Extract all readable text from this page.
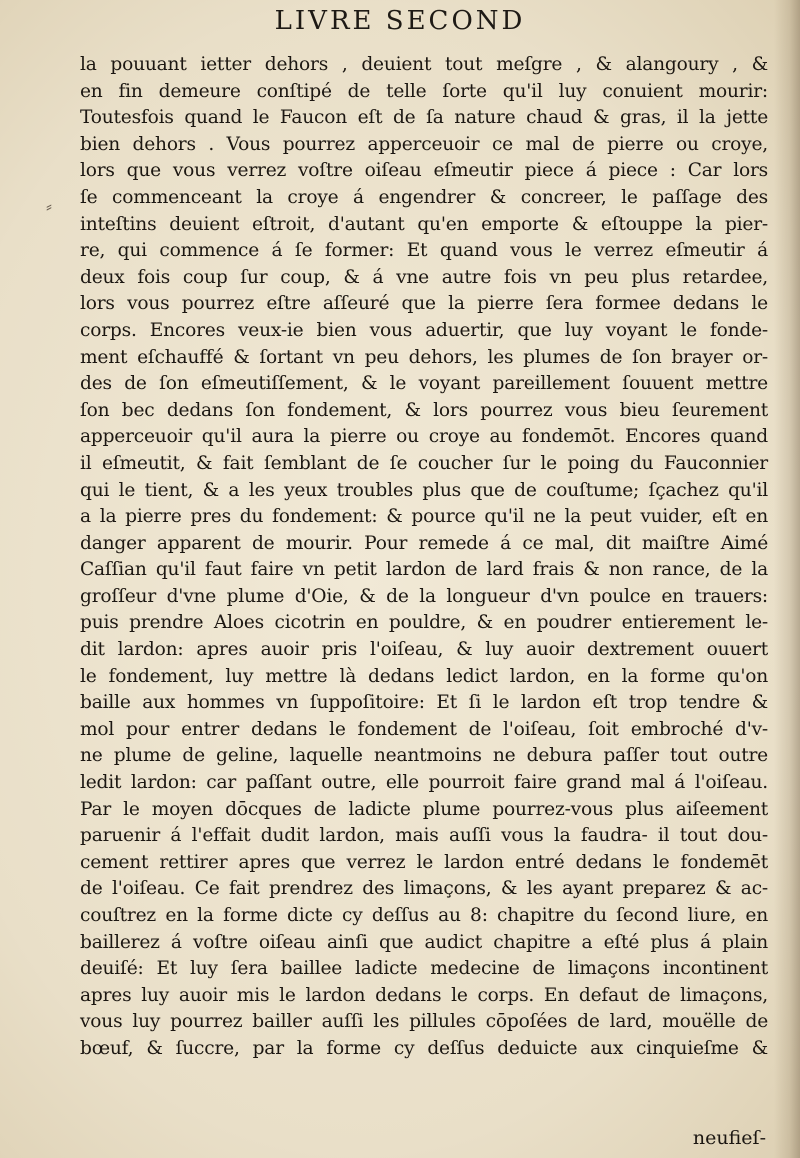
LIVRE SECOND
⸗
la pouuant ietter dehors , deuient tout meſgre , & alangoury , &
en fin demeure conſtipé de telle ſorte qu'il luy conuient mourir:
Toutesfois quand le Faucon eſt de ſa nature chaud & gras, il la jette
bien dehors . Vous pourrez apperceuoir ce mal de pierre ou croye,
lors que vous verrez voſtre oiſeau eſmeutir piece á piece : Car lors
ſe commenceant la croye á engendrer & concreer, le paſſage des
inteſtins deuient eſtroit, d'autant qu'en emporte & eſtouppe la pier-
re, qui commence á ſe former: Et quand vous le verrez eſmeutir á
deux fois coup ſur coup, & á vne autre fois vn peu plus retardee,
lors vous pourrez eſtre aſſeuré que la pierre ſera formee dedans le
corps. Encores veux-ie bien vous aduertir, que luy voyant le fonde-
ment eſchauffé & ſortant vn peu dehors, les plumes de ſon brayer or-
des de ſon eſmeutiſſement, & le voyant pareillement ſouuent mettre
ſon bec dedans ſon fondement, & lors pourrez vous bieu ſeurement
apperceuoir qu'il aura la pierre ou croye au fondemōt. Encores quand
il eſmeutit, & fait ſemblant de ſe coucher ſur le poing du Fauconnier
qui le tient, & a les yeux troubles plus que de couſtume; ſçachez qu'il
a la pierre pres du fondement: & pource qu'il ne la peut vuider, eſt en
danger apparent de mourir. Pour remede á ce mal, dit maiſtre Aimé
Caſſian qu'il faut faire vn petit lardon de lard frais & non rance, de la
groſſeur d'vne plume d'Oie, & de la longueur d'vn poulce en trauers:
puis prendre Aloes cicotrin en pouldre, & en poudrer entierement le-
dit lardon: apres auoir pris l'oiſeau, & luy auoir dextrement ouuert
le fondement, luy mettre là dedans ledict lardon, en la forme qu'on
baille aux hommes vn ſuppoſitoire: Et ſi le lardon eſt trop tendre &
mol pour entrer dedans le fondement de l'oiſeau, ſoit embroché d'v-
ne plume de geline, laquelle neantmoins ne debura paſſer tout outre
ledit lardon: car paſſant outre, elle pourroit faire grand mal á l'oiſeau.
Par le moyen dōcques de ladicte plume pourrez-vous plus aiſeement
paruenir á l'effait dudit lardon, mais auſſi vous la faudra- il tout dou-
cement rettirer apres que verrez le lardon entré dedans le fondemēt
de l'oiſeau. Ce fait prendrez des limaçons, & les ayant preparez & ac-
couſtrez en la forme dicte cy deſſus au 8: chapitre du ſecond liure, en
baillerez á voſtre oiſeau ainſi que audict chapitre a eſté plus á plain
deuiſé: Et luy ſera baillee ladicte medecine de limaçons incontinent
apres luy auoir mis le lardon dedans le corps. En defaut de limaçons,
vous luy pourrez bailler auſſi les pillules cōpoſées de lard, mouëlle de
bœuf, & ſuccre, par la forme cy deſſus deduicte aux cinquieſme &
neufieſ-
